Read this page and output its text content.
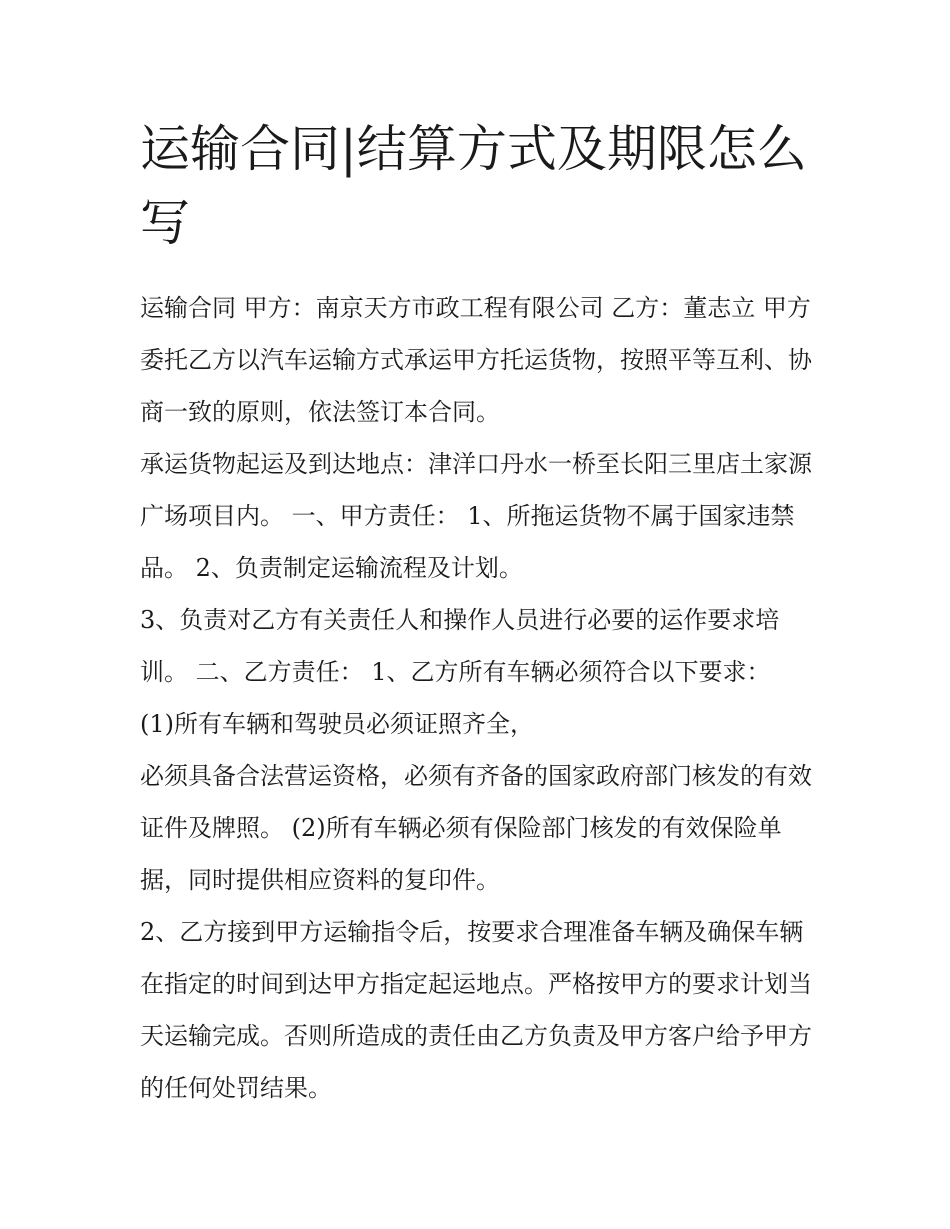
运输合同|结算方式及期限怎么写

运输合同 甲方：南京天方市政工程有限公司 乙方：董志立 甲方委托乙方以汽车运输方式承运甲方托运货物，按照平等互利、协商一致的原则，依法签订本合同。

承运货物起运及到达地点：津洋口丹水一桥至长阳三里店土家源广场项目内。 一、甲方责任： 1、所拖运货物不属于国家违禁品。 2、负责制定运输流程及计划。

3、负责对乙方有关责任人和操作人员进行必要的运作要求培训。 二、乙方责任： 1、乙方所有车辆必须符合以下要求：

(1)所有车辆和驾驶员必须证照齐全，

必须具备合法营运资格，必须有齐备的国家政府部门核发的有效证件及牌照。 (2)所有车辆必须有保险部门核发的有效保险单据，同时提供相应资料的复印件。

2、乙方接到甲方运输指令后，按要求合理准备车辆及确保车辆在指定的时间到达甲方指定起运地点。严格按甲方的要求计划当天运输完成。否则所造成的责任由乙方负责及甲方客户给予甲方的任何处罚结果。
